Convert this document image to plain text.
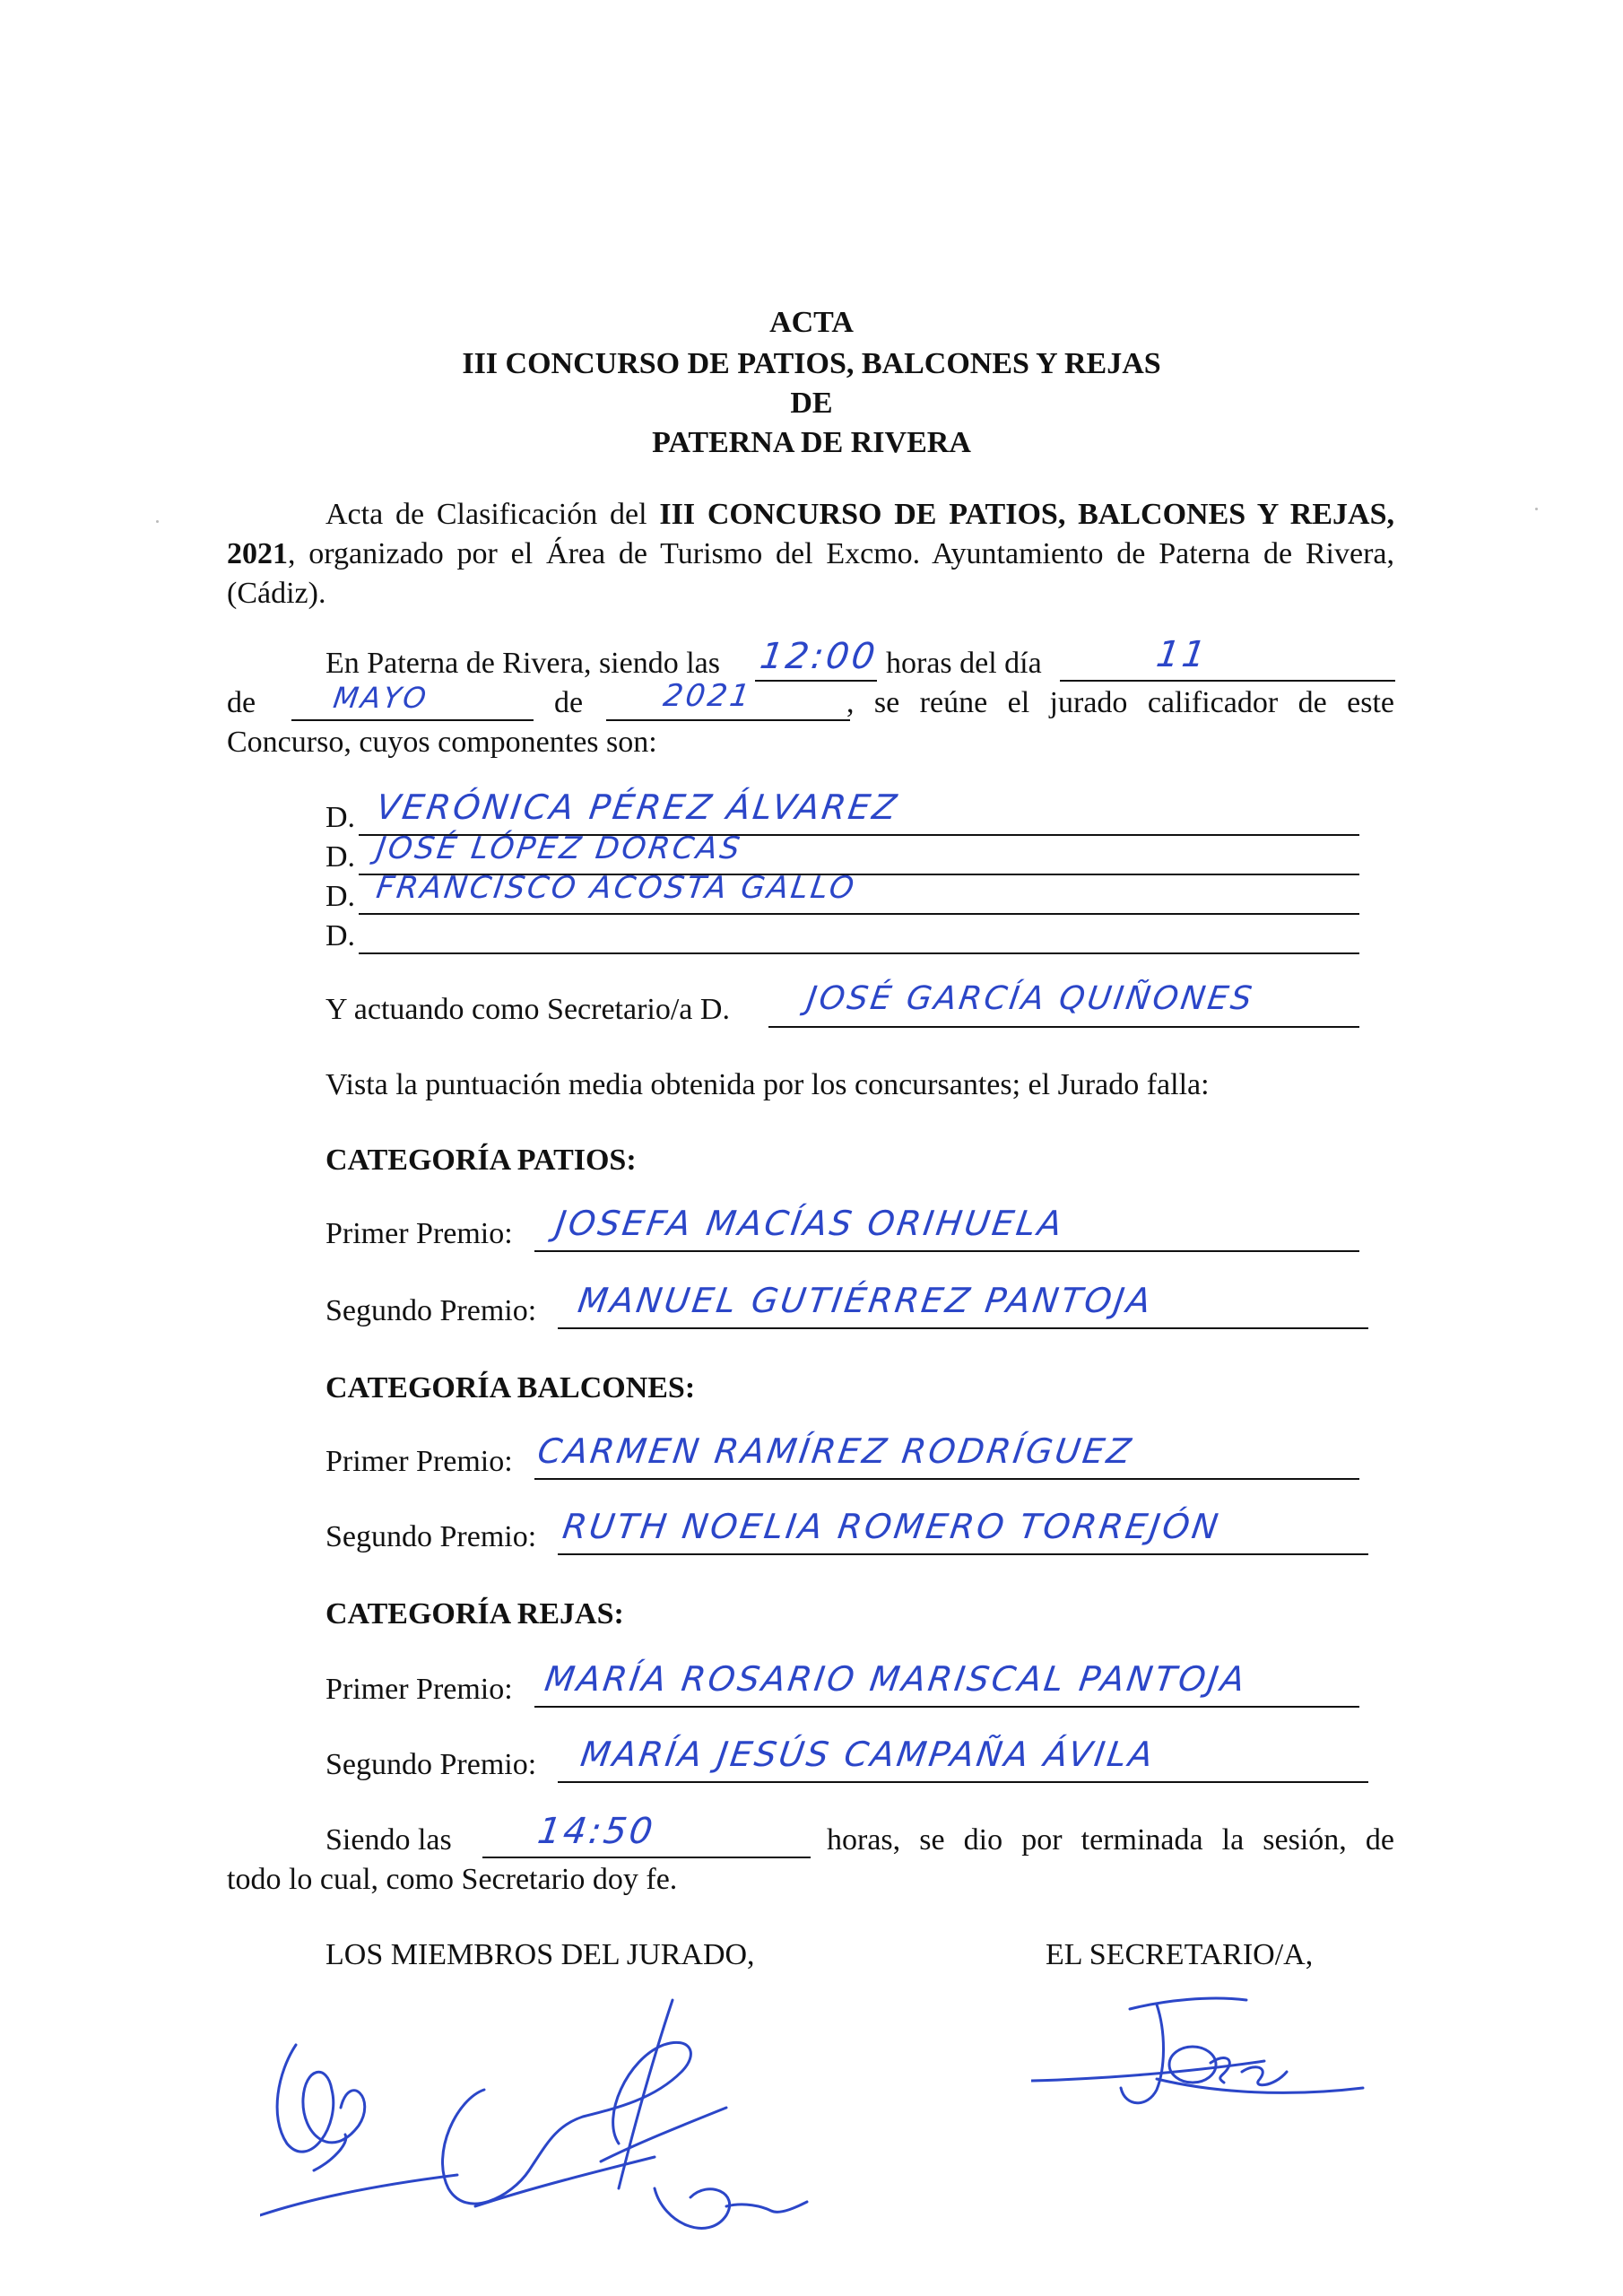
ACTA
III CONCURSO DE PATIOS, BALCONES Y REJAS
DE
PATERNA DE RIVERA
Acta de Clasificación del III CONCURSO DE PATIOS, BALCONES Y REJAS, 2021, organizado por el Área de Turismo del Excmo. Ayuntamiento de Paterna de Rivera, (Cádiz).
En Paterna de Rivera, siendo las 12:00 horas del día	11
de	MAYO	de	2021	, se reúne el jurado calificador de este
Concurso, cuyos componentes son:
D. VERÓNICA PÉREZ ÁLVAREZ
D. JOSÉ LÓPEZ DORCAS
D. FRANCISCO ACOSTA GALLO
D.
Y actuando como Secretario/a D. JOSÉ GARCÍA QUIÑONES
Vista la puntuación media obtenida por los concursantes; el Jurado falla:
CATEGORÍA PATIOS:
Primer Premio: JOSEFA MACÍAS ORIHUELA
Segundo Premio: MANUEL GUTIÉRREZ PANTOJA
CATEGORÍA BALCONES:
Primer Premio: CARMEN RAMÍREZ RODRÍGUEZ
Segundo Premio: RUTH NOELIA ROMERO TORREJÓN
CATEGORÍA REJAS:
Primer Premio: MARÍA ROSARIO MARISCAL PANTOJA
Segundo Premio: MARÍA JESÚS CAMPAÑA ÁVILA
Siendo las 14:50	horas, se dio por terminada la sesión, de
todo lo cual, como Secretario doy fe.
LOS MIEMBROS DEL JURADO,	EL SECRETARIO/A,
